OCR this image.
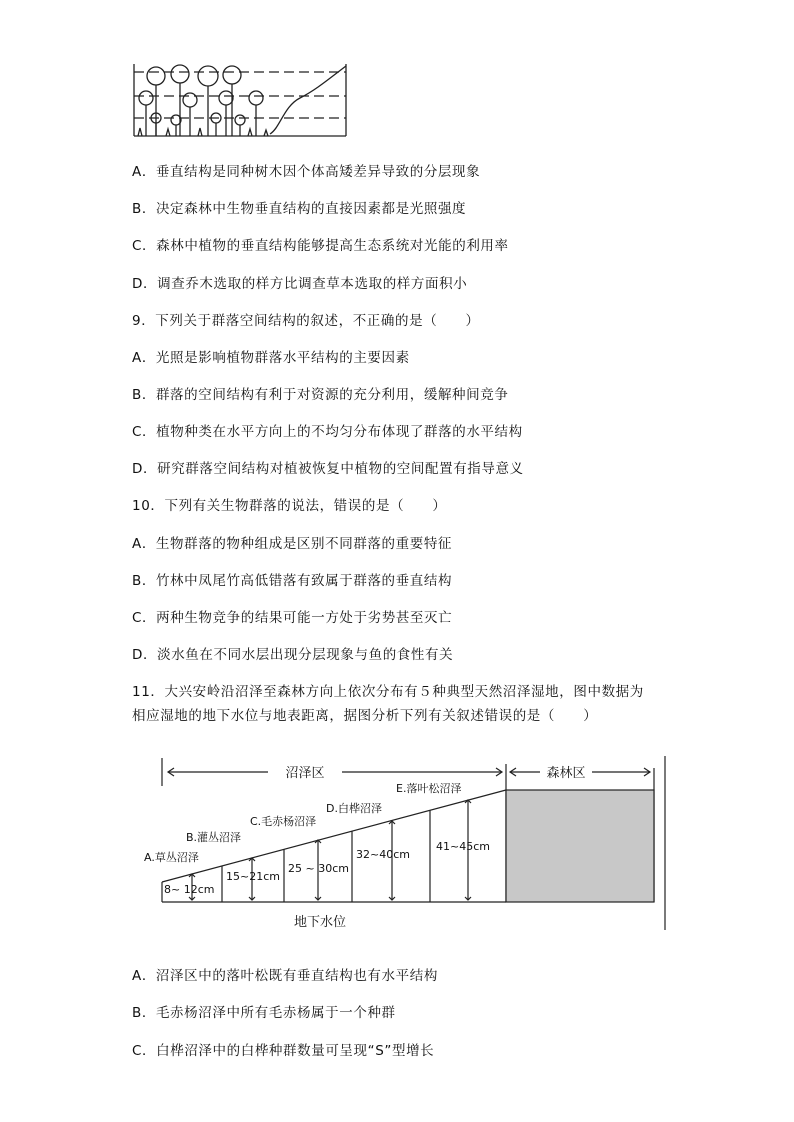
A．垂直结构是同种树木因个体高矮差异导致的分层现象
B．决定森林中生物垂直结构的直接因素都是光照强度
C．森林中植物的垂直结构能够提高生态系统对光能的利用率
D．调查乔木选取的样方比调查草本选取的样方面积小
9．下列关于群落空间结构的叙述，不正确的是（　　）
A．光照是影响植物群落水平结构的主要因素
B．群落的空间结构有利于对资源的充分利用，缓解种间竞争
C．植物种类在水平方向上的不均匀分布体现了群落的水平结构
D．研究群落空间结构对植被恢复中植物的空间配置有指导意义
10．下列有关生物群落的说法，错误的是（　　）
A．生物群落的物种组成是区别不同群落的重要特征
B．竹林中凤尾竹高低错落有致属于群落的垂直结构
C．两种生物竞争的结果可能一方处于劣势甚至灭亡
D．淡水鱼在不同水层出现分层现象与鱼的食性有关
11．大兴安岭沿沼泽至森林方向上依次分布有５种典型天然沼泽湿地，图中数据为
相应湿地的地下水位与地表距离，据图分析下列有关叙述错误的是（　　）
沼泽区	森林区
A.草丛沼泽
B.灌丛沼泽
C.毛赤杨沼泽
D.白桦沼泽
E.落叶松沼泽
8~ 12cm
15~21cm
25 ~ 30cm
32~40cm
41~45cm
地下水位
A．沼泽区中的落叶松既有垂直结构也有水平结构
B．毛赤杨沼泽中所有毛赤杨属于一个种群
C．白桦沼泽中的白桦种群数量可呈现“S”型增长
